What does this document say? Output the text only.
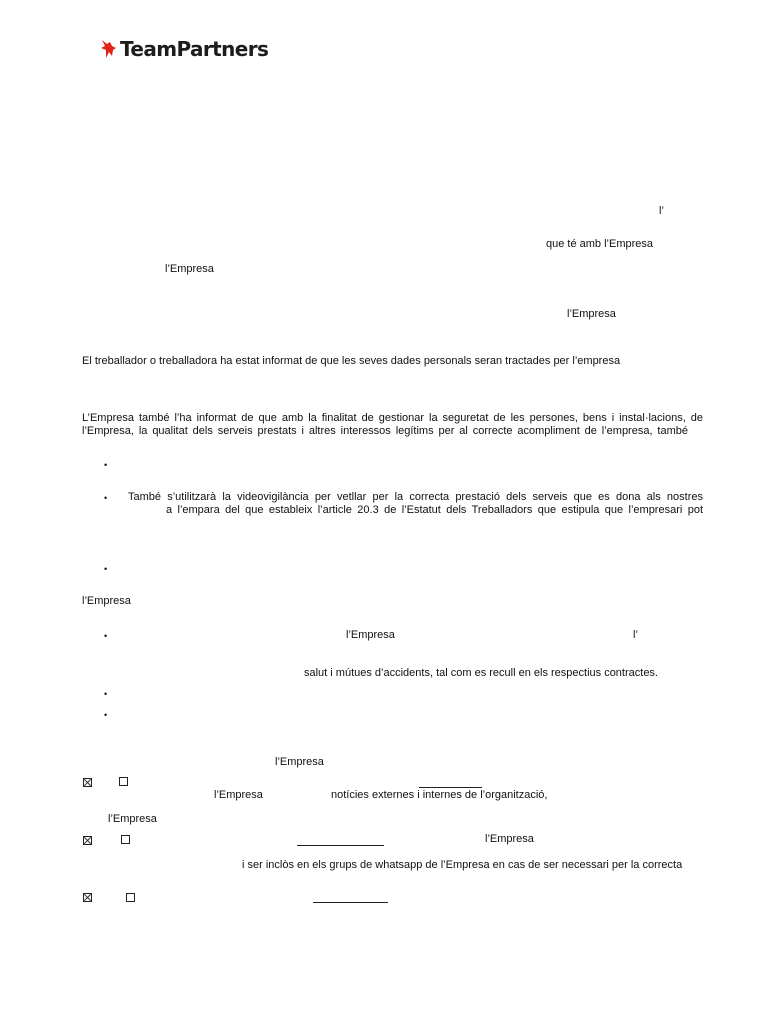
TeamPartners
l’
que té amb l’Empresa
l’Empresa
l’Empresa
El treballador o treballadora ha estat informat de que les seves dades personals seran tractades per l’empresa
L’Empresa també l’ha informat de que amb la finalitat de gestionar la seguretat de les persones, bens i instal·lacions, de
l’Empresa, la qualitat dels serveis prestats i altres interessos legítims per al correcte acompliment de l’empresa, també
•
• També s’utilitzarà la videovigilància per vetllar per la correcta prestació dels serveis que es dona als nostres
a l’empara del que estableix l’article 20.3 de l’Estatut dels Treballadors que estipula que l’empresari pot
•
l’Empresa
•	l’Empresa	l’
salut i mútues d’accidents, tal com es recull en els respectius contractes.
•
•
l’Empresa
l’Empresa	notícies externes i internes de l’organització,
l’Empresa
l’Empresa
i ser inclòs en els grups de whatsapp de l’Empresa en cas de ser necessari per la correcta
